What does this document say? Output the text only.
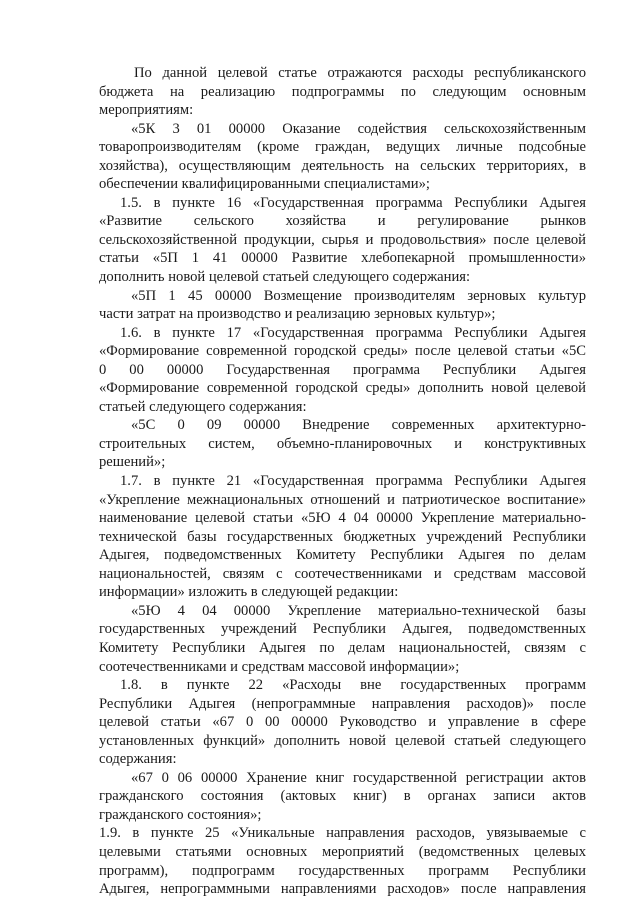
По данной целевой статье отражаются расходы республиканского
бюджета на реализацию подпрограммы по следующим основным
мероприятиям:
«5К 3 01 00000 Оказание содействия сельскохозяйственным
товаропроизводителям (кроме граждан, ведущих личные подсобные
хозяйства), осуществляющим деятельность на сельских территориях, в
обеспечении квалифицированными специалистами»;
1.5. в пункте 16 «Государственная программа Республики Адыгея
«Развитие сельского хозяйства и регулирование рынков
сельскохозяйственной продукции, сырья и продовольствия» после целевой
статьи «5П 1 41 00000 Развитие хлебопекарной промышленности»
дополнить новой целевой статьей следующего содержания:
«5П 1 45 00000 Возмещение производителям зерновых культур
части затрат на производство и реализацию зерновых культур»;
1.6. в пункте 17 «Государственная программа Республики Адыгея
«Формирование современной городской среды» после целевой статьи «5С
0 00 00000 Государственная программа Республики Адыгея
«Формирование современной городской среды» дополнить новой целевой
статьей следующего содержания:
«5С 0 09 00000 Внедрение современных архитектурно-
строительных систем, объемно-планировочных и конструктивных
решений»;
1.7. в пункте 21 «Государственная программа Республики Адыгея
«Укрепление межнациональных отношений и патриотическое воспитание»
наименование целевой статьи «5Ю 4 04 00000 Укрепление материально-
технической базы государственных бюджетных учреждений Республики
Адыгея, подведомственных Комитету Республики Адыгея по делам
национальностей, связям с соотечественниками и средствам массовой
информации» изложить в следующей редакции:
«5Ю 4 04 00000 Укрепление материально-технической базы
государственных учреждений Республики Адыгея, подведомственных
Комитету Республики Адыгея по делам национальностей, связям с
соотечественниками и средствам массовой информации»;
1.8. в пункте 22 «Расходы вне государственных программ
Республики Адыгея (непрограммные направления расходов)» после
целевой статьи «67 0 00 00000 Руководство и управление в сфере
установленных функций» дополнить новой целевой статьей следующего
содержания:
«67 0 06 00000 Хранение книг государственной регистрации актов
гражданского состояния (актовых книг) в органах записи актов
гражданского состояния»;
1.9. в пункте 25 «Уникальные направления расходов, увязываемые с
целевыми статьями основных мероприятий (ведомственных целевых
программ), подпрограмм государственных программ Республики
Адыгея, непрограммными направлениями расходов» после направления
